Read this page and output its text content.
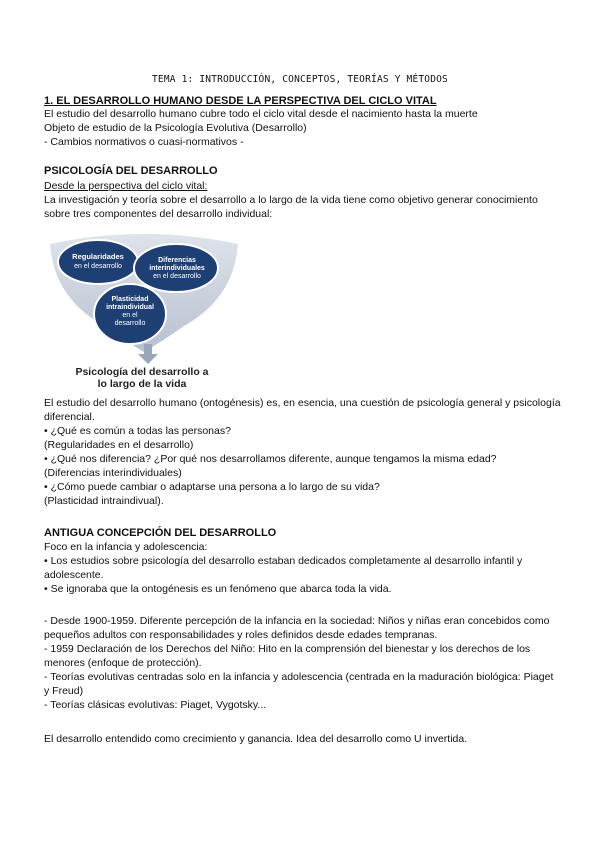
TEMA 1: INTRODUCCIÓN, CONCEPTOS, TEORÍAS Y MÉTODOS
1. EL DESARROLLO HUMANO DESDE LA PERSPECTIVA DEL CICLO VITAL
El estudio del desarrollo humano cubre todo el ciclo vital desde el nacimiento hasta la muerte
Objeto de estudio de la Psicología Evolutiva (Desarrollo)
- Cambios normativos o cuasi-normativos -
PSICOLOGÍA DEL DESARROLLO
Desde la perspectiva del ciclo vital:
La investigación y teoría sobre el desarrollo a lo largo de la vida tiene como objetivo generar conocimiento
sobre tres componentes del desarrollo individual:
Regularidades
en el desarrollo
Diferencias
interindividuales
en el desarrollo
Plasticidad
intraindividual
en el
desarrollo
Psicología del desarrollo a
lo largo de la vida
El estudio del desarrollo humano (ontogénesis) es, en esencia, una cuestión de psicología general y psicología
diferencial.
• ¿Qué es común a todas las personas?
(Regularidades en el desarrollo)
• ¿Qué nos diferencia? ¿Por qué nos desarrollamos diferente, aunque tengamos la misma edad?
(Diferencias interindividuales)
• ¿Cómo puede cambiar o adaptarse una persona a lo largo de su vida?
(Plasticidad intraindivual).
ANTIGUA CONCEPCIÓN DEL DESARROLLO
Foco en la infancia y adolescencia:
• Los estudios sobre psicología del desarrollo estaban dedicados completamente al desarrollo infantil y
adolescente.
• Se ignoraba que la ontogénesis es un fenómeno que abarca toda la vida.
- Desde 1900-1959. Diferente percepción de la infancia en la sociedad: Niños y niñas eran concebidos como
pequeños adultos con responsabilidades y roles definidos desde edades tempranas.
- 1959 Declaración de los Derechos del Niño: Hito en la comprensión del bienestar y los derechos de los
menores (enfoque de protección).
- Teorías evolutivas centradas solo en la infancia y adolescencia (centrada en la maduración biológica: Piaget
y Freud)
- Teorías clásicas evolutivas: Piaget, Vygotsky...
El desarrollo entendido como crecimiento y ganancia. Idea del desarrollo como U invertida.
